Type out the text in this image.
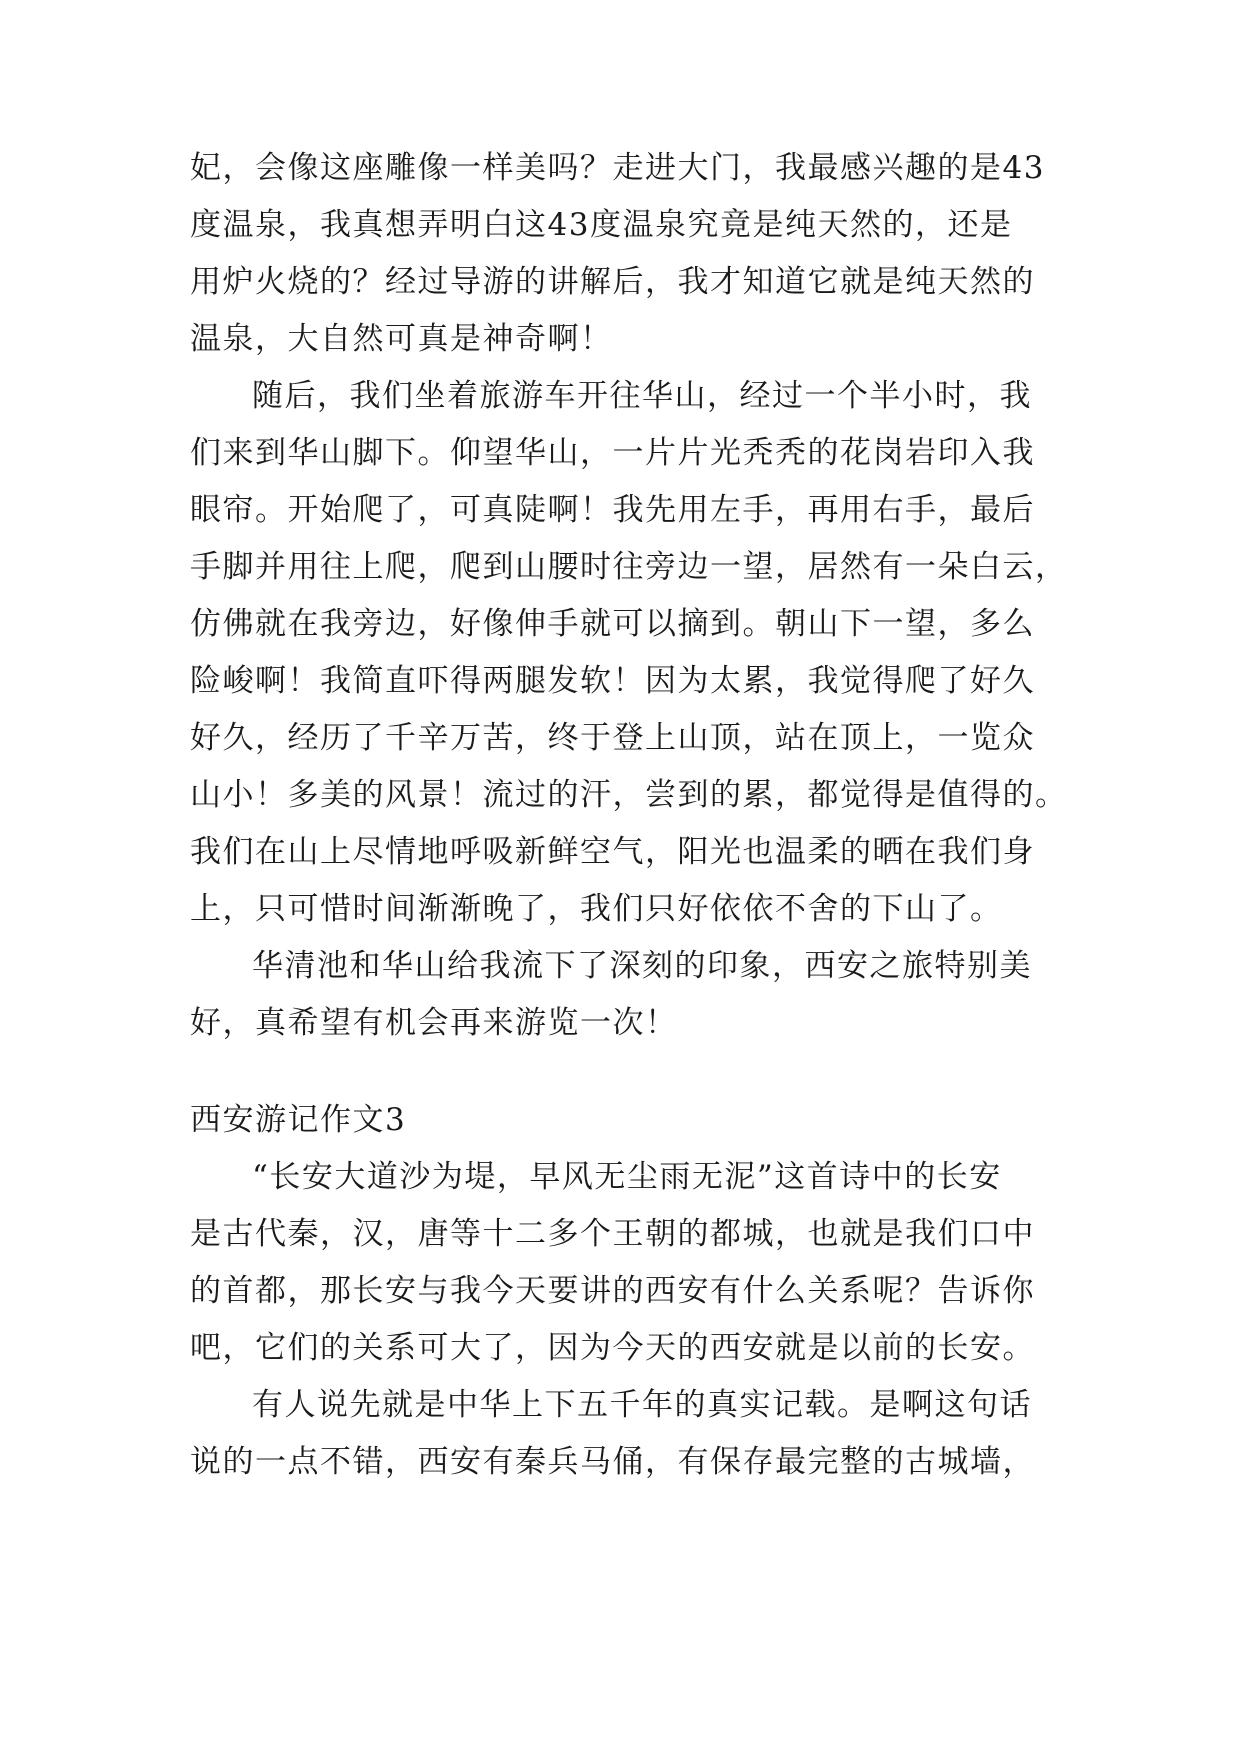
妃，会像这座雕像一样美吗？走进大门，我最感兴趣的是43
度温泉，我真想弄明白这43度温泉究竟是纯天然的，还是
用炉火烧的？经过导游的讲解后，我才知道它就是纯天然的
温泉，大自然可真是神奇啊！
随后，我们坐着旅游车开往华山，经过一个半小时，我
们来到华山脚下。仰望华山，一片片光秃秃的花岗岩印入我
眼帘。开始爬了，可真陡啊！我先用左手，再用右手，最后
手脚并用往上爬，爬到山腰时往旁边一望，居然有一朵白云，
仿佛就在我旁边，好像伸手就可以摘到。朝山下一望，多么
险峻啊！我简直吓得两腿发软！因为太累，我觉得爬了好久
好久，经历了千辛万苦，终于登上山顶，站在顶上，一览众
山小！多美的风景！流过的汗，尝到的累，都觉得是值得的。
我们在山上尽情地呼吸新鲜空气，阳光也温柔的晒在我们身
上，只可惜时间渐渐晚了，我们只好依依不舍的下山了。
华清池和华山给我流下了深刻的印象，西安之旅特别美
好，真希望有机会再来游览一次！
西安游记作文3
“长安大道沙为堤，早风无尘雨无泥”这首诗中的长安
是古代秦，汉，唐等十二多个王朝的都城，也就是我们口中
的首都，那长安与我今天要讲的西安有什么关系呢？告诉你
吧，它们的关系可大了，因为今天的西安就是以前的长安。
有人说先就是中华上下五千年的真实记载。是啊这句话
说的一点不错，西安有秦兵马俑，有保存最完整的古城墙，
